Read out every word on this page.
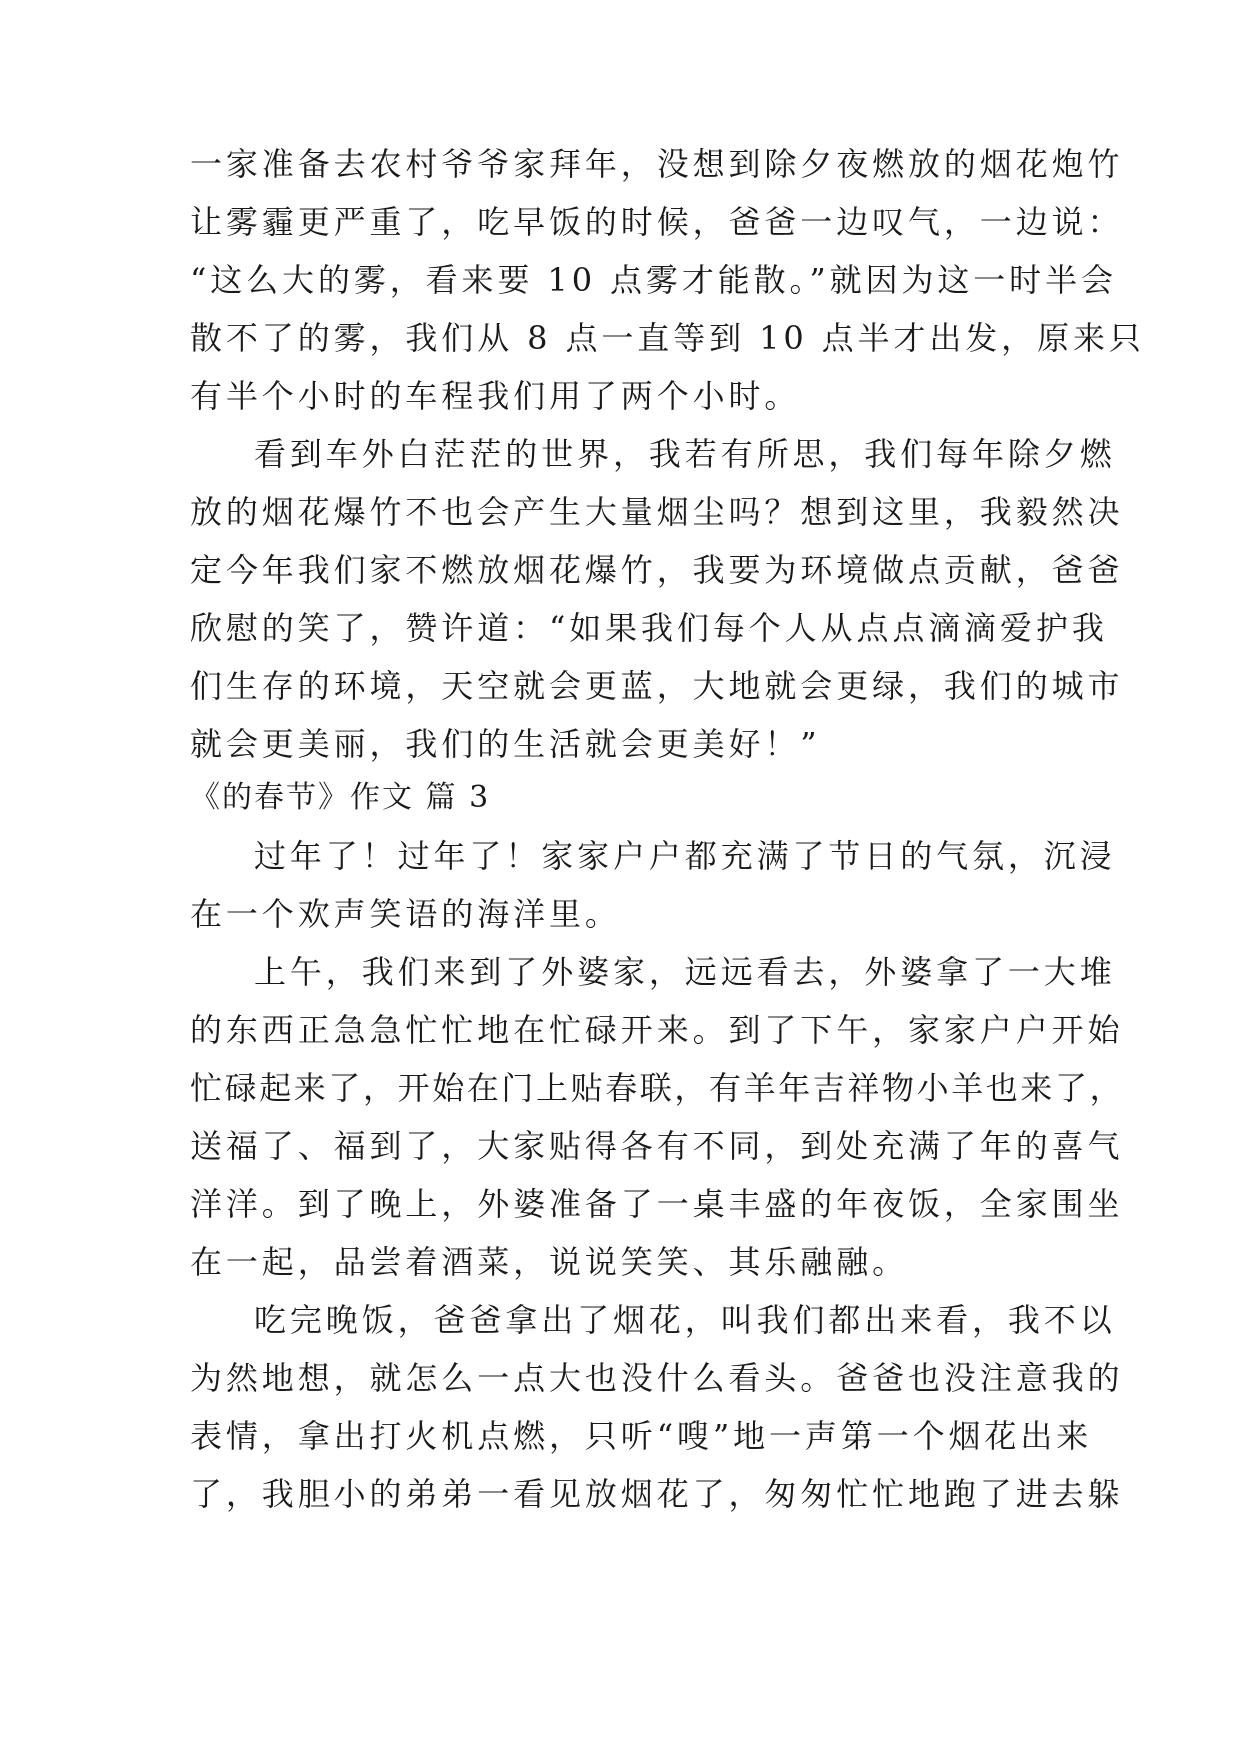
一家准备去农村爷爷家拜年，没想到除夕夜燃放的烟花炮竹
让雾霾更严重了，吃早饭的时候，爸爸一边叹气，一边说：
“这么大的雾，看来要 10 点雾才能散。”就因为这一时半会
散不了的雾，我们从 8 点一直等到 10 点半才出发，原来只
有半个小时的车程我们用了两个小时。
看到车外白茫茫的世界，我若有所思，我们每年除夕燃
放的烟花爆竹不也会产生大量烟尘吗？想到这里，我毅然决
定今年我们家不燃放烟花爆竹，我要为环境做点贡献，爸爸
欣慰的笑了，赞许道：“如果我们每个人从点点滴滴爱护我
们生存的环境，天空就会更蓝，大地就会更绿，我们的城市
就会更美丽，我们的生活就会更美好！”
《的春节》作文 篇 3
过年了！过年了！家家户户都充满了节日的气氛，沉浸
在一个欢声笑语的海洋里。
上午，我们来到了外婆家，远远看去，外婆拿了一大堆
的东西正急急忙忙地在忙碌开来。到了下午，家家户户开始
忙碌起来了，开始在门上贴春联，有羊年吉祥物小羊也来了，
送福了、福到了，大家贴得各有不同，到处充满了年的喜气
洋洋。到了晚上，外婆准备了一桌丰盛的年夜饭，全家围坐
在一起，品尝着酒菜，说说笑笑、其乐融融。
吃完晚饭，爸爸拿出了烟花，叫我们都出来看，我不以
为然地想，就怎么一点大也没什么看头。爸爸也没注意我的
表情，拿出打火机点燃，只听“嗖”地一声第一个烟花出来
了，我胆小的弟弟一看见放烟花了，匆匆忙忙地跑了进去躲
